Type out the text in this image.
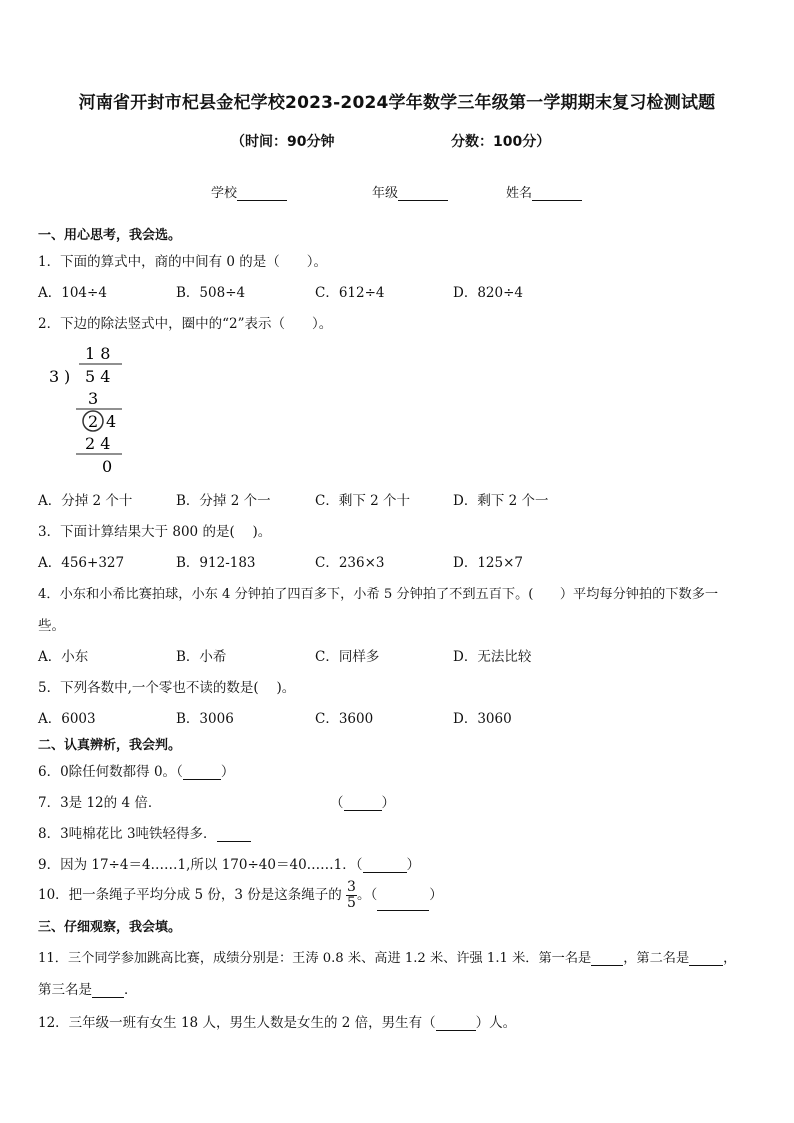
河南省开封市杞县金杞学校2023-2024学年数学三年级第一学期期末复习检测试题
（时间：90分钟	分数：100分）
学校	年级	姓名
一、用心思考，我会选。
1．下面的算式中，商的中间有 0 的是（　　）。
A．104÷4	B．508÷4	C．612÷4	D．820÷4
2．下边的除法竖式中，圈中的“2”表示（　　）。
1 8
3 ) 5 4
3
2 4
2 4
0
A．分掉 2 个十	B．分掉 2 个一	C．剩下 2 个十	D．剩下 2 个一
3．下面计算结果大于 800 的是(　 )。
A．456+327	B．912-183	C．236×3	D．125×7
4．小东和小希比赛拍球，小东 4 分钟拍了四百多下，小希 5 分钟拍了不到五百下。(　　）平均每分钟拍的下数多一
些。
A．小东	B．小希	C．同样多	D．无法比较
5．下列各数中,一个零也不读的数是(　 )。
A．6003	B．3006	C．3600	D．3060
二、认真辨析，我会判。
6．0除任何数都得 0。（	）
7．3是 12的 4 倍．	（	）
8．3吨棉花比 3吨铁轻得多．
9．因为 17÷4＝4……1,所以 170÷40＝40……1．（	）
10．把一条绳子平均分成 5 份，3 份是这条绳子的 $\frac{3}{5}$ 。（	）
三、仔细观察，我会填。
11．三个同学参加跳高比赛，成绩分别是：王涛 0.8 米、高进 1.2 米、许强 1.1 米．第一名是 ，第二名是	，
第三名是 ．
12．三年级一班有女生 18 人，男生人数是女生的 2 倍，男生有（	）人。
